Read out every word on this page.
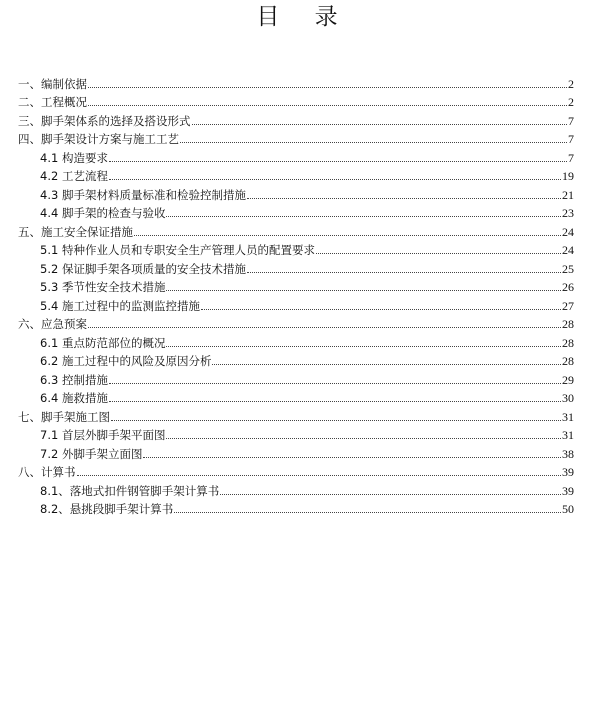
目 录
一、编制依据	2
二、工程概况	2
三、脚手架体系的选择及搭设形式	7
四、脚手架设计方案与施工工艺	7
4.1 构造要求	7
4.2 工艺流程	19
4.3 脚手架材料质量标准和检验控制措施	21
4.4 脚手架的检查与验收	23
五、施工安全保证措施	24
5.1 特种作业人员和专职安全生产管理人员的配置要求	24
5.2 保证脚手架各项质量的安全技术措施	25
5.3 季节性安全技术措施	26
5.4 施工过程中的监测监控措施	27
六、应急预案	28
6.1 重点防范部位的概况	28
6.2 施工过程中的风险及原因分析	28
6.3 控制措施	29
6.4 施救措施	30
七、脚手架施工图	31
7.1 首层外脚手架平面图	31
7.2 外脚手架立面图	38
八、计算书	39
8.1、落地式扣件钢管脚手架计算书	39
8.2、悬挑段脚手架计算书	50
